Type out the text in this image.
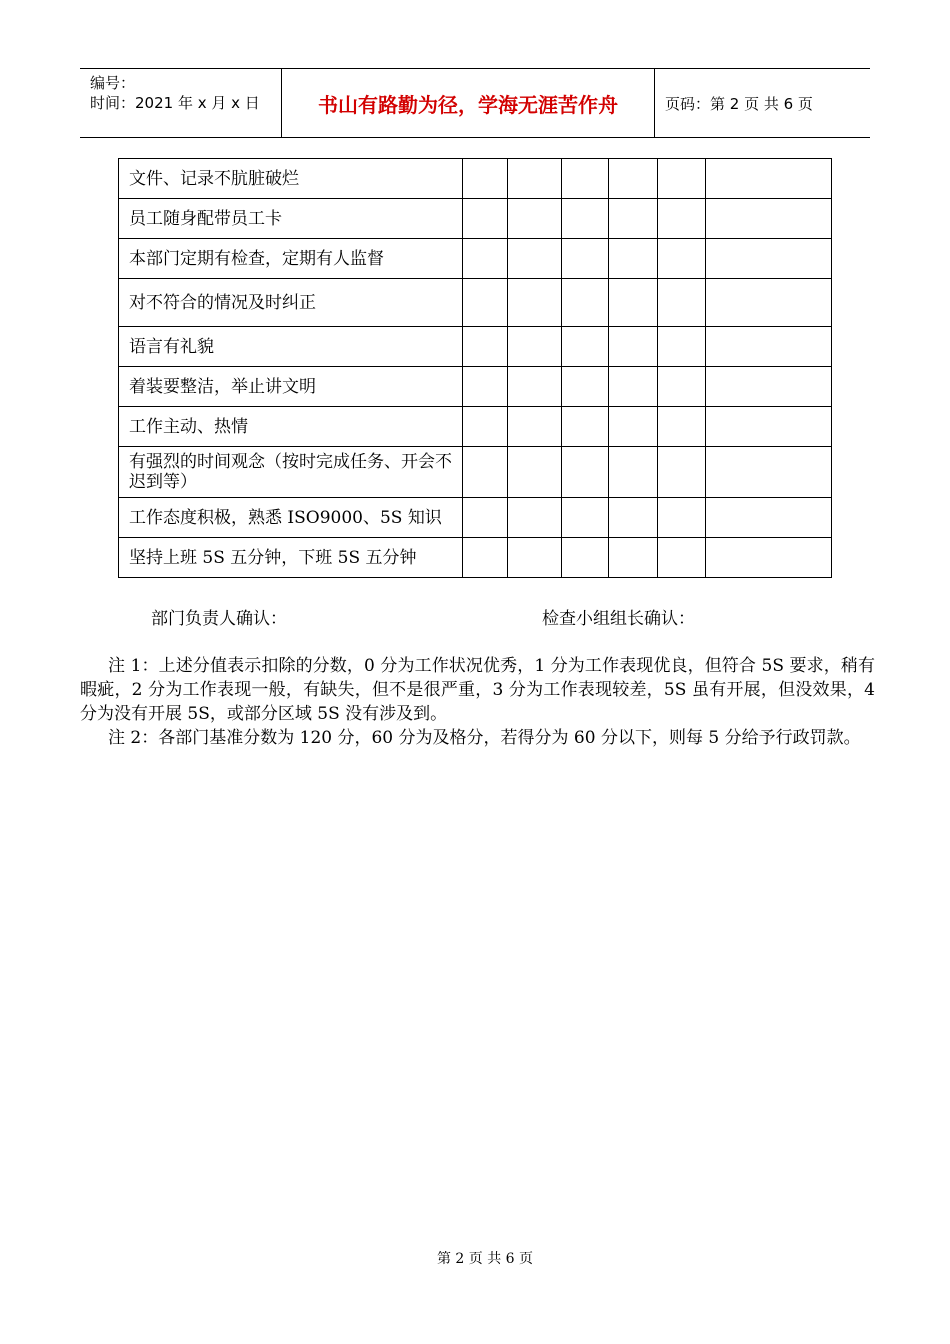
编号：
时间：2021 年 x 月 x 日	书山有路勤为径，学海无涯苦作舟	页码：第 2 页 共 6 页
文件、记录不肮脏破烂						
员工随身配带员工卡						
本部门定期有检查，定期有人监督						
对不符合的情况及时纠正						
语言有礼貌						
着装要整洁，举止讲文明						
工作主动、热情						
有强烈的时间观念（按时完成任务、开会不迟到等）						
工作态度积极，熟悉 ISO9000、5S 知识						
坚持上班 5S 五分钟，下班 5S 五分钟						
部门负责人确认：	检查小组组长确认：

注 1：上述分值表示扣除的分数，0 分为工作状况优秀，1 分为工作表现优良，但符合 5S 要求，稍有暇疵，2 分为工作表现一般，有缺失，但不是很严重，3 分为工作表现较差，5S 虽有开展，但没效果，4 分为没有开展 5S，或部分区域 5S 没有涉及到。

注 2：各部门基准分数为 120 分，60 分为及格分，若得分为 60 分以下，则每 5 分给予行政罚款。

第 2 页 共 6 页
